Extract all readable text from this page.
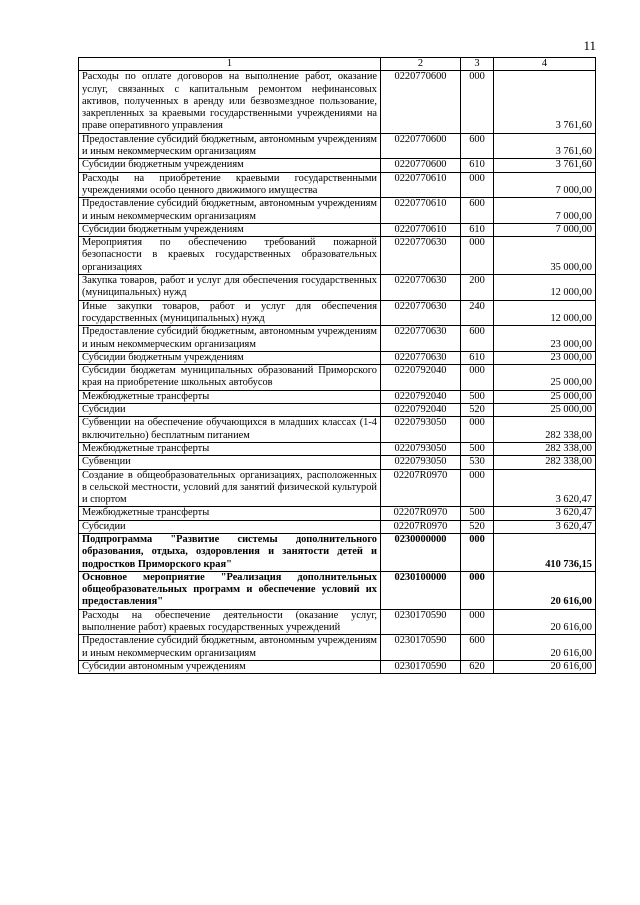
11
1	2	3	4
Расходы по оплате договоров на выполнение работ, оказание услуг, связанных с капитальным ремонтом нефинансовых активов, полученных в аренду или безвозмездное пользование, закрепленных за краевыми государственными учреждениями на праве оперативного управления	0220770600	000	3 761,60
Предоставление субсидий бюджетным, автономным учреждениям и иным некоммерческим организациям	0220770600	600	3 761,60
Субсидии бюджетным учреждениям	0220770600	610	3 761,60
Расходы на приобретение краевыми государственными учреждениями особо ценного движимого имущества	0220770610	000	7 000,00
Предоставление субсидий бюджетным, автономным учреждениям и иным некоммерческим организациям	0220770610	600	7 000,00
Субсидии бюджетным учреждениям	0220770610	610	7 000,00
Мероприятия по обеспечению требований пожарной безопасности в краевых государственных образовательных организациях	0220770630	000	35 000,00
Закупка товаров, работ и услуг для обеспечения государственных (муниципальных) нужд	0220770630	200	12 000,00
Иные закупки товаров, работ и услуг для обеспечения государственных (муниципальных) нужд	0220770630	240	12 000,00
Предоставление субсидий бюджетным, автономным учреждениям и иным некоммерческим организациям	0220770630	600	23 000,00
Субсидии бюджетным учреждениям	0220770630	610	23 000,00
Субсидии бюджетам муниципальных образований Приморского края на приобретение школьных автобусов	0220792040	000	25 000,00
Межбюджетные трансферты	0220792040	500	25 000,00
Субсидии	0220792040	520	25 000,00
Субвенции на обеспечение обучающихся в младших классах (1-4 включительно) бесплатным питанием	0220793050	000	282 338,00
Межбюджетные трансферты	0220793050	500	282 338,00
Субвенции	0220793050	530	282 338,00
Создание в общеобразовательных организациях, расположенных в сельской местности, условий для занятий физической культурой и спортом	02207R0970	000	3 620,47
Межбюджетные трансферты	02207R0970	500	3 620,47
Субсидии	02207R0970	520	3 620,47
Подпрограмма "Развитие системы дополнительного образования, отдыха, оздоровления и занятости детей и подростков Приморского края"	0230000000	000	410 736,15
Основное мероприятие "Реализация дополнительных общеобразовательных программ и обеспечение условий их предоставления"	0230100000	000	20 616,00
Расходы на обеспечение деятельности (оказание услуг, выполнение работ) краевых государственных учреждений	0230170590	000	20 616,00
Предоставление субсидий бюджетным, автономным учреждениям и иным некоммерческим организациям	0230170590	600	20 616,00
Субсидии автономным учреждениям	0230170590	620	20 616,00
